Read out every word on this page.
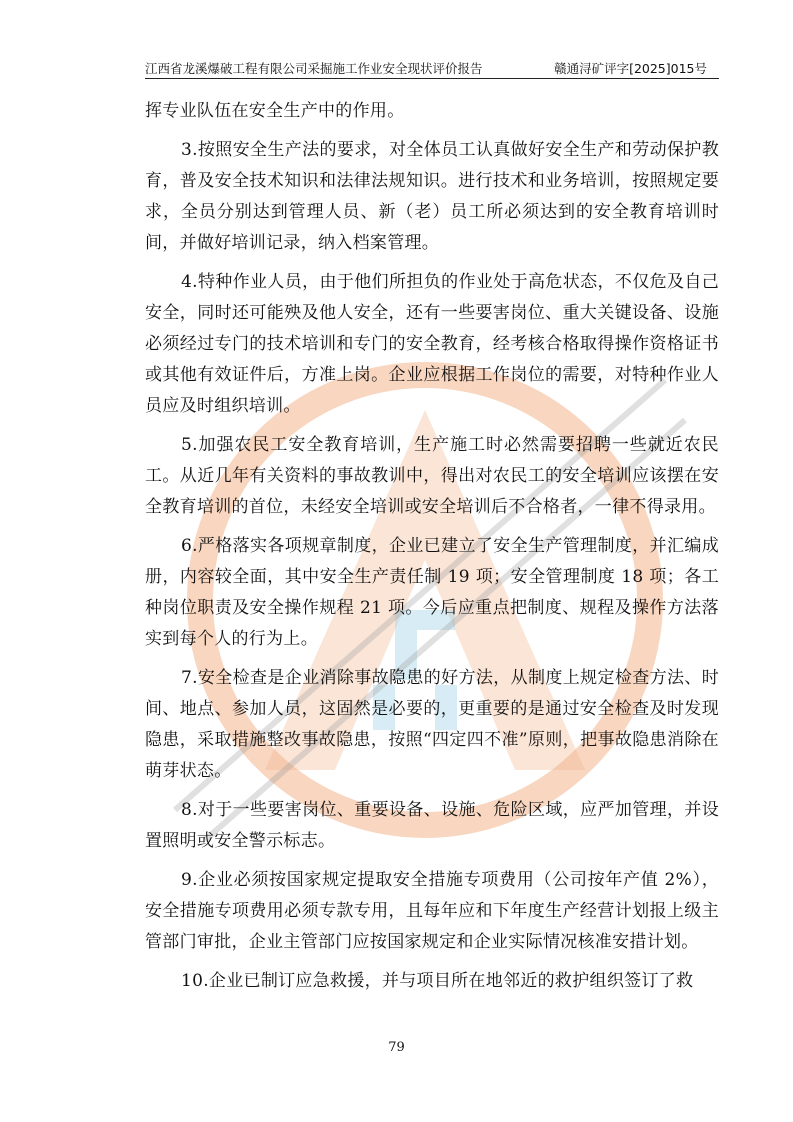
江西省龙溪爆破工程有限公司采掘施工作业安全现状评价报告	赣通浔矿评字[2025]015号

挥专业队伍在安全生产中的作用。

3.按照安全生产法的要求，对全体员工认真做好安全生产和劳动保护教育，普及安全技术知识和法律法规知识。进行技术和业务培训，按照规定要求，全员分别达到管理人员、新（老）员工所必须达到的安全教育培训时间，并做好培训记录，纳入档案管理。

4.特种作业人员，由于他们所担负的作业处于高危状态，不仅危及自己安全，同时还可能殃及他人安全，还有一些要害岗位、重大关键设备、设施必须经过专门的技术培训和专门的安全教育，经考核合格取得操作资格证书或其他有效证件后，方准上岗。企业应根据工作岗位的需要，对特种作业人员应及时组织培训。

5.加强农民工安全教育培训，生产施工时必然需要招聘一些就近农民工。从近几年有关资料的事故教训中，得出对农民工的安全培训应该摆在安全教育培训的首位，未经安全培训或安全培训后不合格者，一律不得录用。

6.严格落实各项规章制度，企业已建立了安全生产管理制度，并汇编成册，内容较全面，其中安全生产责任制 19 项；安全管理制度 18 项；各工种岗位职责及安全操作规程 21 项。今后应重点把制度、规程及操作方法落实到每个人的行为上。

7.安全检查是企业消除事故隐患的好方法，从制度上规定检查方法、时间、地点、参加人员，这固然是必要的，更重要的是通过安全检查及时发现隐患，采取措施整改事故隐患，按照“四定四不准”原则，把事故隐患消除在萌芽状态。

8.对于一些要害岗位、重要设备、设施、危险区域，应严加管理，并设置照明或安全警示标志。

9.企业必须按国家规定提取安全措施专项费用（公司按年产值 2%），安全措施专项费用必须专款专用，且每年应和下年度生产经营计划报上级主管部门审批，企业主管部门应按国家规定和企业实际情况核准安措计划。

10.企业已制订应急救援，并与项目所在地邻近的救护组织签订了救

79
